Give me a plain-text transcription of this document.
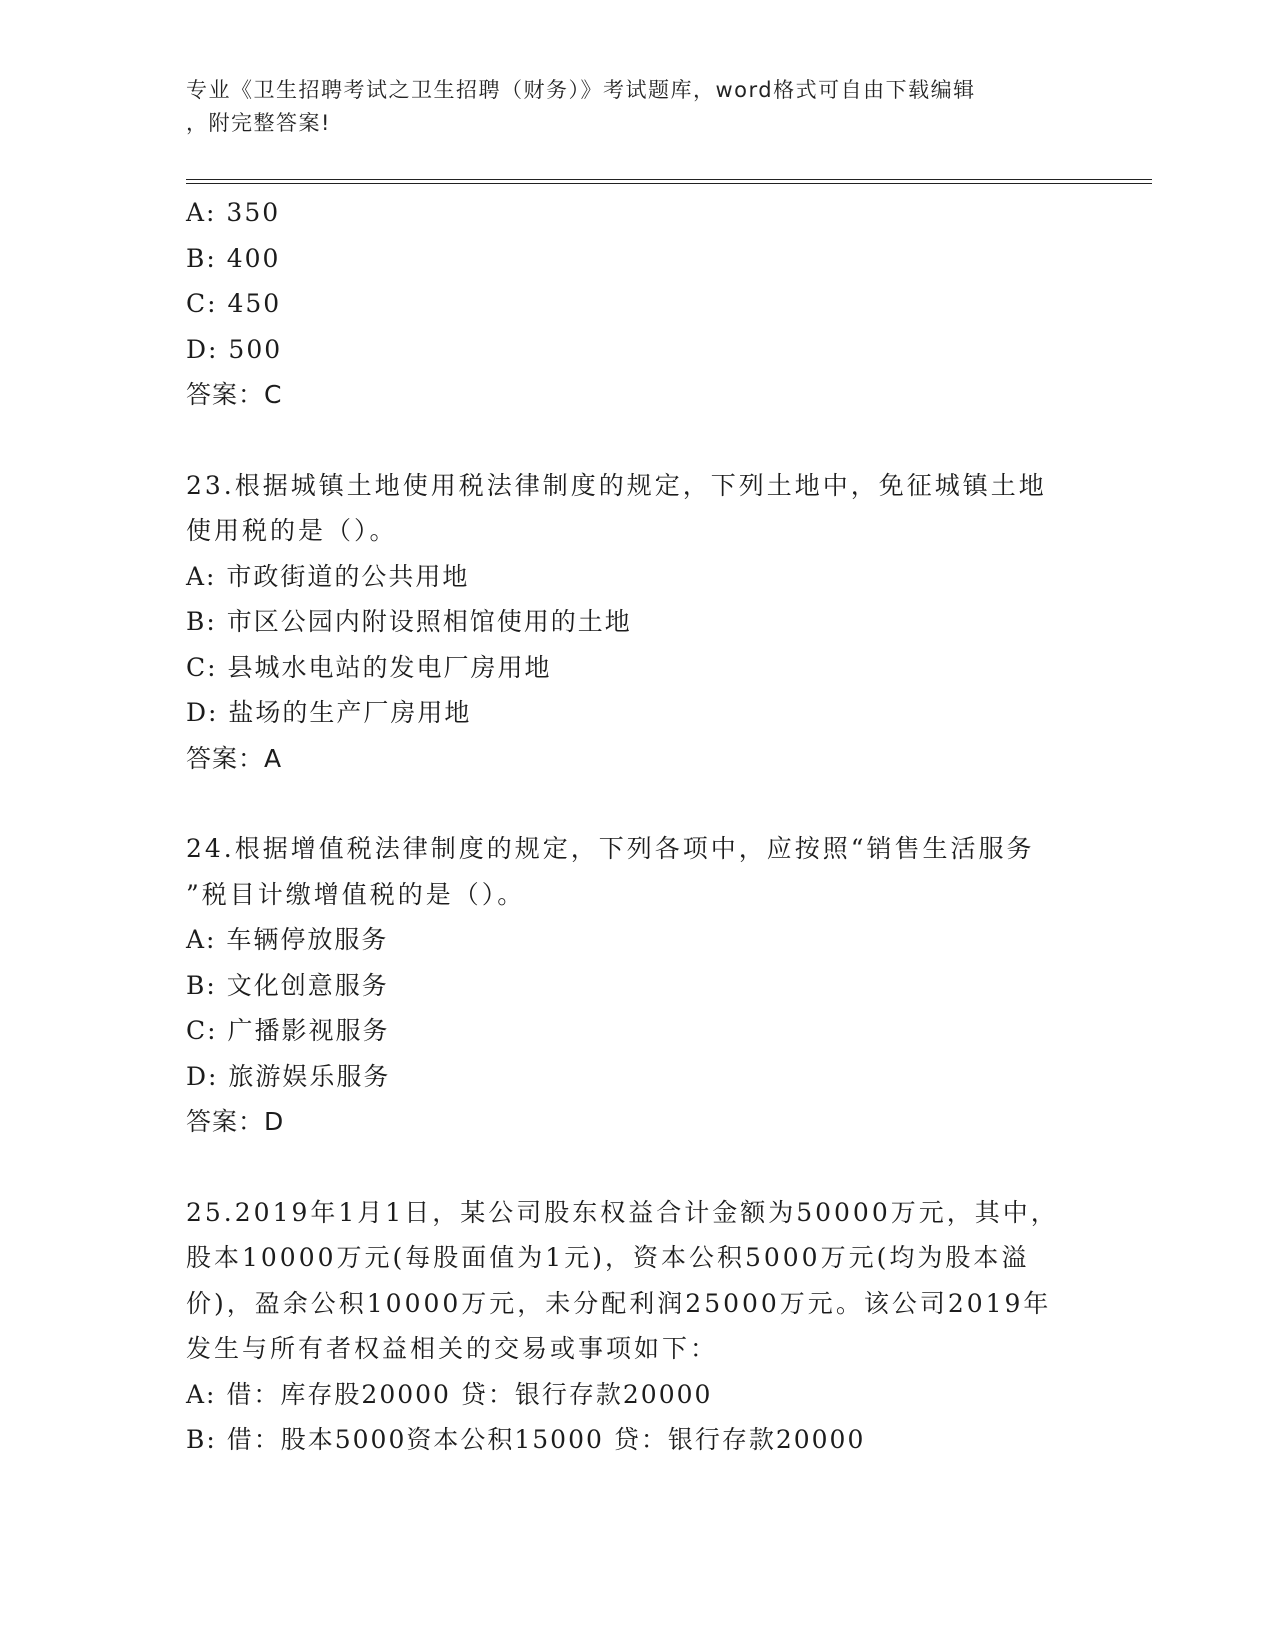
专业《卫生招聘考试之卫生招聘（财务）》考试题库，word格式可自由下载编辑
，附完整答案!
A: 350
B: 400
C: 450
D: 500
答案：C
23.根据城镇土地使用税法律制度的规定，下列土地中，免征城镇土地
使用税的是（）。
A: 市政街道的公共用地
B: 市区公园内附设照相馆使用的土地
C: 县城水电站的发电厂房用地
D: 盐场的生产厂房用地
答案：A
24.根据增值税法律制度的规定，下列各项中，应按照“销售生活服务
”税目计缴增值税的是（）。
A: 车辆停放服务
B: 文化创意服务
C: 广播影视服务
D: 旅游娱乐服务
答案：D
25.2019年1月1日，某公司股东权益合计金额为50000万元，其中，
股本10000万元(每股面值为1元)，资本公积5000万元(均为股本溢
价)，盈余公积10000万元，未分配利润25000万元。该公司2019年
发生与所有者权益相关的交易或事项如下：
A: 借：库存股20000 贷：银行存款20000
B: 借：股本5000资本公积15000 贷：银行存款20000
